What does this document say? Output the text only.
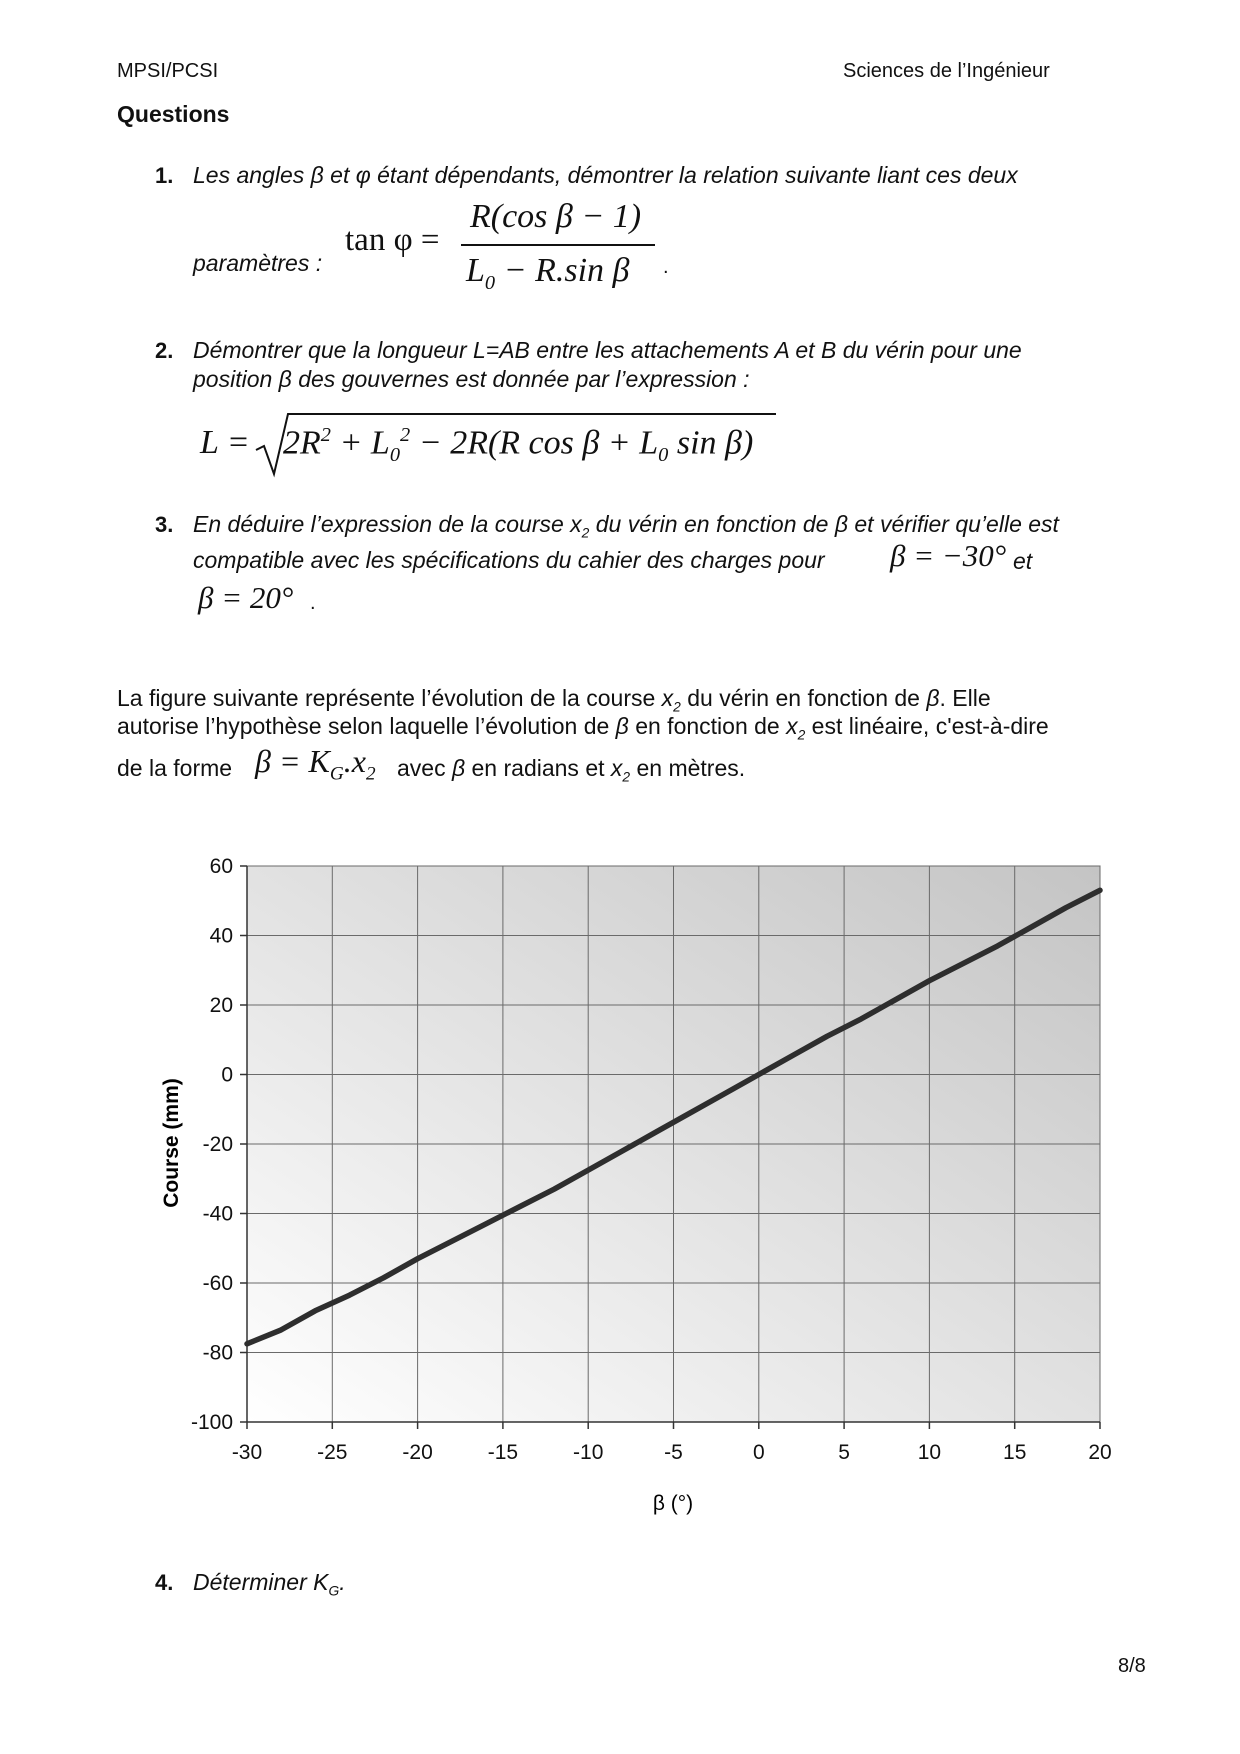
MPSI/PCSI	Sciences de l’Ingénieur
Questions
1. Les angles β et φ étant dépendants, démontrer la relation suivante liant ces deux
paramètres :
tan φ =
R(cos β − 1)
$L_0 - R.\sin$ β .
2. Démontrer que la longueur L=AB entre les attachements A et B du vérin pour une
position β des gouvernes est donnée par l’expression :
$L = 2R^2 + L_0^2 - 2R(R$ $\cos \beta + L_0$ sin β)
3. En déduire l’expression de la course $x_2$ du vérin en fonction de β et vérifier qu’elle est
compatible avec les spécifications du cahier des charges pour β = −30° et
β = 20° .
La figure suivante représente l’évolution de la course $x_2$ du vérin en fonction de β. Elle
autorise l’hypothèse selon laquelle l’évolution de β en fonction de $x_2$ est linéaire, c'est-à-dire
de la forme $\beta = K_G.x_2$ avec β en radians et $x_2$ en mètres.
-30	-25	-20	-15	-10	-5	0	5	10	15	20
-100
-80
-60
-40
-20
0
20
40
60
β (°)
Course (mm)
4. Déterminer $K_G$.
8/8
